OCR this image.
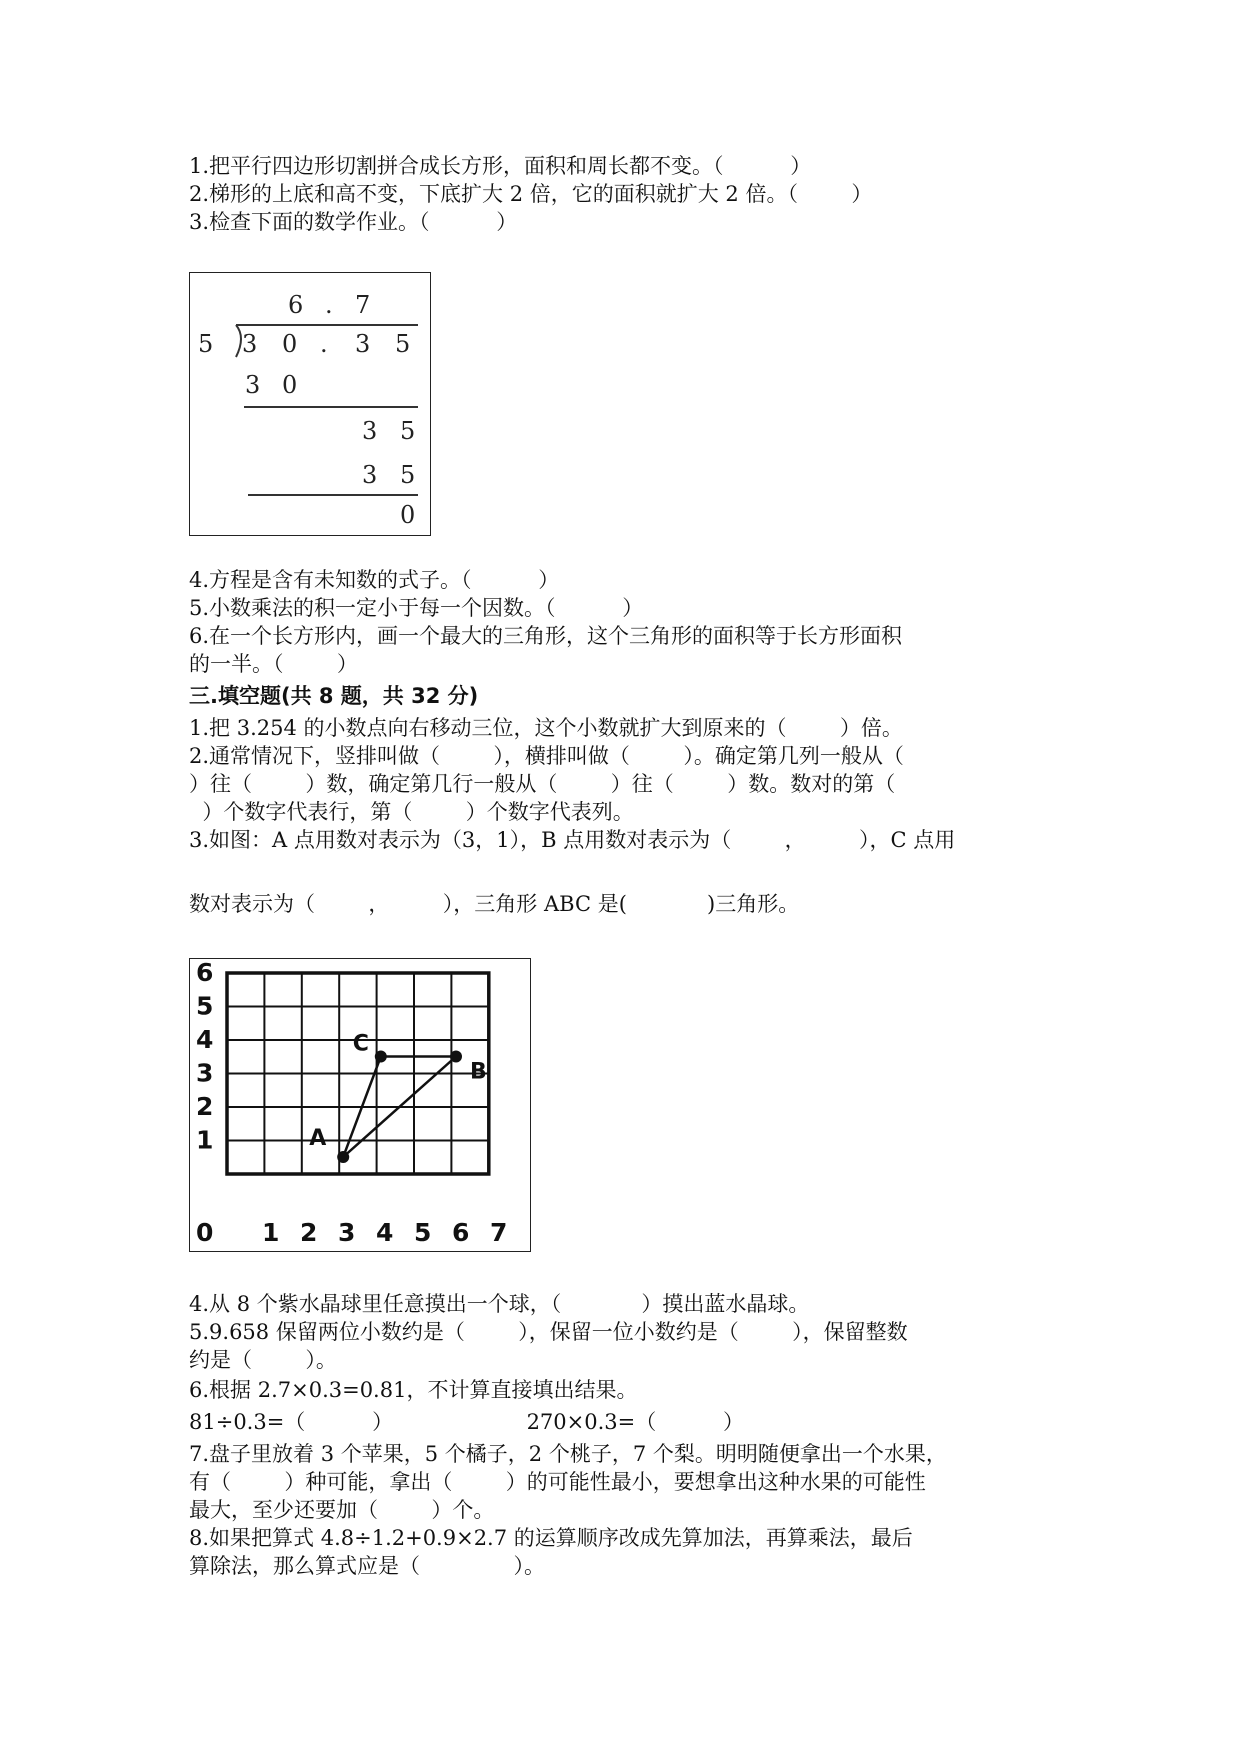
1.把平行四边形切割拼合成长方形，面积和周长都不变。（          ）
2.梯形的上底和高不变，下底扩大 2 倍，它的面积就扩大 2 倍。（        ）
3.检查下面的数学作业。（          ）
6 . 7
5 3 0 . 3 5
3 0
3 5
3 5
0
4.方程是含有未知数的式子。（          ）
5.小数乘法的积一定小于每一个因数。（          ）
6.在一个长方形内，画一个最大的三角形，这个三角形的面积等于长方形面积
的一半。（        ）
三.填空题(共 8 题，共 32 分)
1.把 3.254 的小数点向右移动三位，这个小数就扩大到原来的（        ）倍。
2.通常情况下，竖排叫做（        ），横排叫做（        ）。确定第几列一般从（
）往（        ）数，确定第几行一般从（        ）往（        ）数。数对的第（
）个数字代表行，第（        ）个数字代表列。
3.如图：A 点用数对表示为（3，1），B 点用数对表示为（        ，        ），C 点用
数对表示为（        ，        ），三角形 ABC 是(            )三角形。
6
5
4
3
2
1
0 1 2 3 4 5 6 7
A
B
C
4.从 8 个紫水晶球里任意摸出一个球，（            ）摸出蓝水晶球。
5.9.658 保留两位小数约是（        ），保留一位小数约是（        ），保留整数
约是（        ）。
6.根据 2.7×0.3=0.81，不计算直接填出结果。
81÷0.3=（          ）                    270×0.3=（          ）
7.盘子里放着 3 个苹果，5 个橘子，2 个桃子，7 个梨。明明随便拿出一个水果，
有（        ）种可能，拿出（        ）的可能性最小，要想拿出这种水果的可能性
最大，至少还要加（        ）个。
8.如果把算式 4.8÷1.2+0.9×2.7 的运算顺序改成先算加法，再算乘法，最后
算除法，那么算式应是（              ）。
